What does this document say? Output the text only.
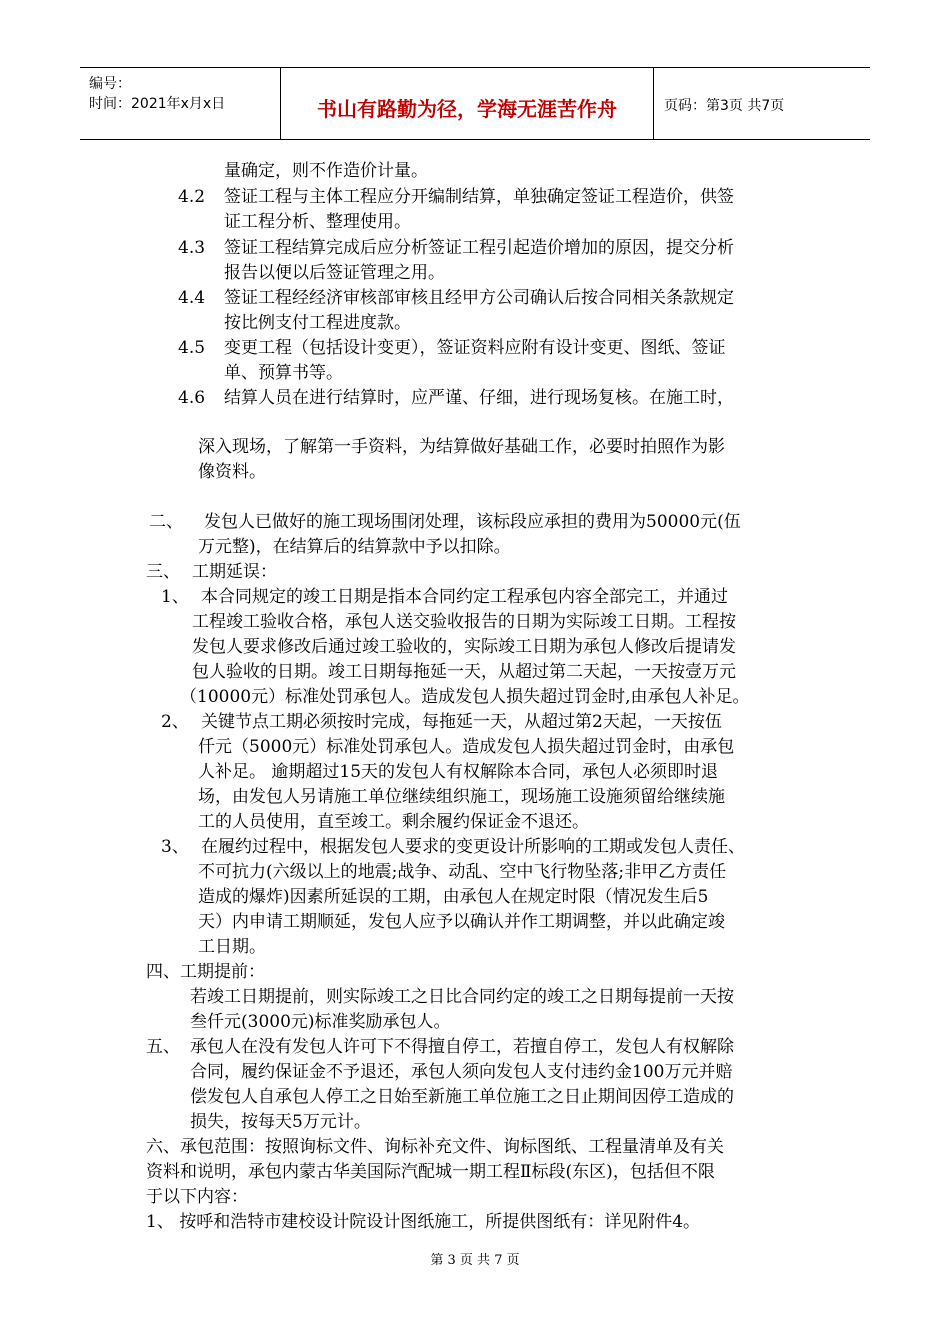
编号：
时间：2021年x月x日	书山有路勤为径，学海无涯苦作舟	页码：第3页 共7页
量确定，则不作造价计量。
4.2 签证工程与主体工程应分开编制结算，单独确定签证工程造价，供签
证工程分析、整理使用。
4.3 签证工程结算完成后应分析签证工程引起造价增加的原因，提交分析
报告以便以后签证管理之用。
4.4 签证工程经经济审核部审核且经甲方公司确认后按合同相关条款规定
按比例支付工程进度款。
4.5 变更工程（包括设计变更），签证资料应附有设计变更、图纸、签证
单、预算书等。
4.6 结算人员在进行结算时，应严谨、仔细，进行现场复核。在施工时，
深入现场，了解第一手资料，为结算做好基础工作，必要时拍照作为影
像资料。
二、 发包人已做好的施工现场围闭处理，该标段应承担的费用为50000元(伍
万元整)，在结算后的结算款中予以扣除。
三、 工期延误：
1、 本合同规定的竣工日期是指本合同约定工程承包内容全部完工，并通过
工程竣工验收合格，承包人送交验收报告的日期为实际竣工日期。工程按
发包人要求修改后通过竣工验收的，实际竣工日期为承包人修改后提请发
包人验收的日期。竣工日期每拖延一天，从超过第二天起，一天按壹万元
（10000元）标准处罚承包人。造成发包人损失超过罚金时,由承包人补足。
2、 关键节点工期必须按时完成，每拖延一天，从超过第2天起，一天按伍
仟元（5000元）标准处罚承包人。造成发包人损失超过罚金时，由承包
人补足。 逾期超过15天的发包人有权解除本合同，承包人必须即时退
场，由发包人另请施工单位继续组织施工，现场施工设施须留给继续施
工的人员使用，直至竣工。剩余履约保证金不退还。
3、 在履约过程中，根据发包人要求的变更设计所影响的工期或发包人责任、
不可抗力(六级以上的地震;战争、动乱、空中飞行物坠落;非甲乙方责任
造成的爆炸)因素所延误的工期，由承包人在规定时限（情况发生后5
天）内申请工期顺延，发包人应予以确认并作工期调整，并以此确定竣
工日期。
四、工期提前：
若竣工日期提前，则实际竣工之日比合同约定的竣工之日期每提前一天按
叁仟元(3000元)标准奖励承包人。
五、 承包人在没有发包人许可下不得擅自停工，若擅自停工，发包人有权解除
合同，履约保证金不予退还，承包人须向发包人支付违约金100万元并赔
偿发包人自承包人停工之日始至新施工单位施工之日止期间因停工造成的
损失，按每天5万元计。
六、承包范围：按照询标文件、询标补充文件、询标图纸、工程量清单及有关
资料和说明，承包内蒙古华美国际汽配城一期工程Ⅱ标段(东区)，包括但不限
于以下内容：
1、 按呼和浩特市建校设计院设计图纸施工，所提供图纸有：详见附件4。
第 3 页 共 7 页
